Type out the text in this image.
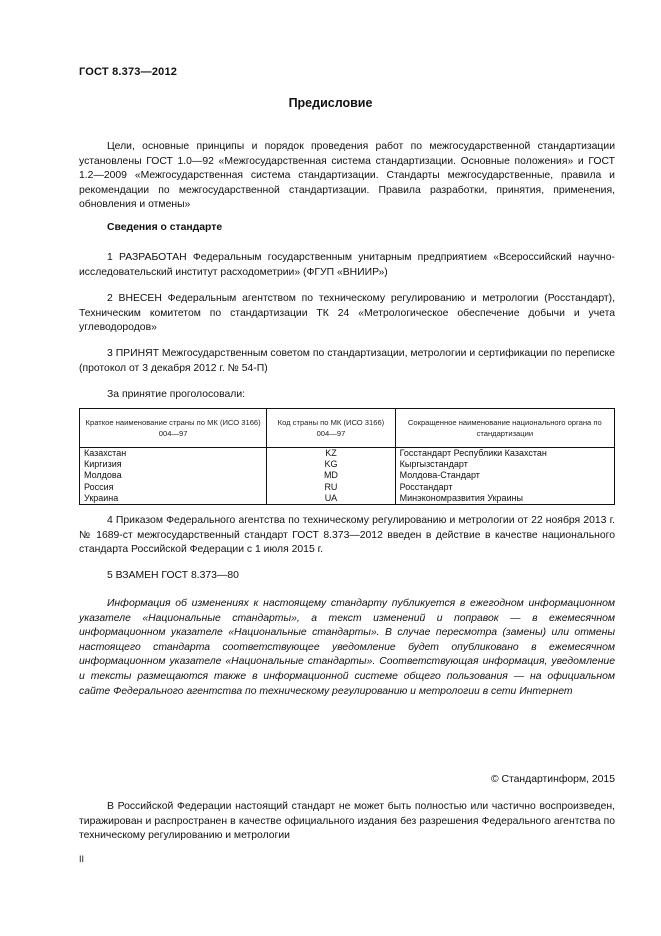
ГОСТ 8.373—2012
Предисловие
Цели, основные принципы и порядок проведения работ по межгосударственной стандартизации установлены ГОСТ 1.0—92 «Межгосударственная система стандартизации. Основные положения» и ГОСТ 1.2—2009 «Межгосударственная система стандартизации. Стандарты межгосударственные, правила и рекомендации по межгосударственной стандартизации. Правила разработки, принятия, применения, обновления и отмены»
Сведения о стандарте
1 РАЗРАБОТАН Федеральным государственным унитарным предприятием «Всероссийский научно-исследовательский институт расходометрии» (ФГУП «ВНИИР»)
2 ВНЕСЕН Федеральным агентством по техническому регулированию и метрологии (Росстандарт), Техническим комитетом по стандартизации ТК 24 «Метрологическое обеспечение добычи и учета углеводородов»
3 ПРИНЯТ Межгосударственным советом по стандартизации, метрологии и сертификации по переписке (протокол от 3 декабря 2012 г. № 54-П)
За принятие проголосовали:
Краткое наименование страны по МК (ИСО 3166) 004—97	Код страны по МК (ИСО 3166) 004—97	Сокращенное наименование национального органа по стандартизации
Казахстан	KZ	Госстандарт Республики Казахстан
Киргизия	KG	Кыргызстандарт
Молдова	MD	Молдова-Стандарт
Россия	RU	Росстандарт
Украина	UA	Минэкономразвития Украины
4 Приказом Федерального агентства по техническому регулированию и метрологии от 22 ноября 2013 г. № 1689-ст межгосударственный стандарт ГОСТ 8.373—2012 введен в действие в качестве национального стандарта Российской Федерации с 1 июля 2015 г.
5 ВЗАМЕН ГОСТ 8.373—80
Информация об изменениях к настоящему стандарту публикуется в ежегодном информационном указателе «Национальные стандарты», а текст изменений и поправок — в ежемесячном информационном указателе «Национальные стандарты». В случае пересмотра (замены) или отмены настоящего стандарта соответствующее уведомление будет опубликовано в ежемесячном информационном указателе «Национальные стандарты». Соответствующая информация, уведомление и тексты размещаются также в информационной системе общего пользования — на официальном сайте Федерального агентства по техническому регулированию и метрологии в сети Интернет
© Стандартинформ, 2015
В Российской Федерации настоящий стандарт не может быть полностью или частично воспроизведен, тиражирован и распространен в качестве официального издания без разрешения Федерального агентства по техническому регулированию и метрологии
II
